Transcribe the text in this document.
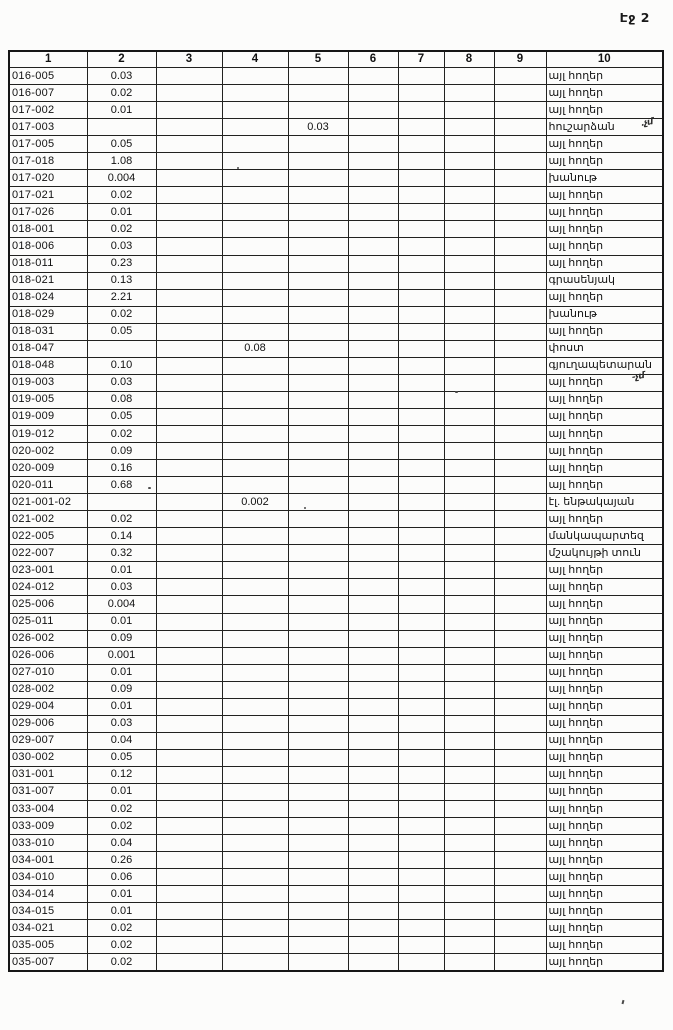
Էջ 2
1	2	3	4	5	6	7	8	9	10
016-005	0.03								այլ հողեր
016-007	0.02								այլ հողեր
017-002	0.01								այլ հողեր
017-003				0.03					հուշարձան
017-005	0.05								այլ հողեր
017-018	1.08								այլ հողեր
017-020	0.004								խանութ
017-021	0.02								այլ հողեր
017-026	0.01								այլ հողեր
018-001	0.02								այլ հողեր
018-006	0.03								այլ հողեր
018-011	0.23								այլ հողեր
018-021	0.13								գրասենյակ
018-024	2.21								այլ հողեր
018-029	0.02								խանութ
018-031	0.05								այլ հողեր
018-047			0.08						փոստ
018-048	0.10								գյուղապետարան
019-003	0.03								այլ հողեր
019-005	0.08								այլ հողեր
019-009	0.05								այլ հողեր
019-012	0.02								այլ հողեր
020-002	0.09								այլ հողեր
020-009	0.16								այլ հողեր
020-011	0.68								այլ հողեր
021-001-02			0.002						էլ. ենթակայան
021-002	0.02								այլ հողեր
022-005	0.14								մանկապարտեզ
022-007	0.32								մշակույթի տուն
023-001	0.01								այլ հողեր
024-012	0.03								այլ հողեր
025-006	0.004								այլ հողեր
025-011	0.01								այլ հողեր
026-002	0.09								այլ հողեր
026-006	0.001								այլ հողեր
027-010	0.01								այլ հողեր
028-002	0.09								այլ հողեր
029-004	0.01								այլ հողեր
029-006	0.03								այլ հողեր
029-007	0.04								այլ հողեր
030-002	0.05								այլ հողեր
031-001	0.12								այլ հողեր
031-007	0.01								այլ հողեր
033-004	0.02								այլ հողեր
033-009	0.02								այլ հողեր
033-010	0.04								այլ հողեր
034-001	0.26								այլ հողեր
034-010	0.06								այլ հողեր
034-014	0.01								այլ հողեր
034-015	0.01								այլ հողեր
034-021	0.02								այլ հողեր
035-005	0.02								այլ հողեր
035-007	0.02								այլ հողեր
.չմ
-չմ
